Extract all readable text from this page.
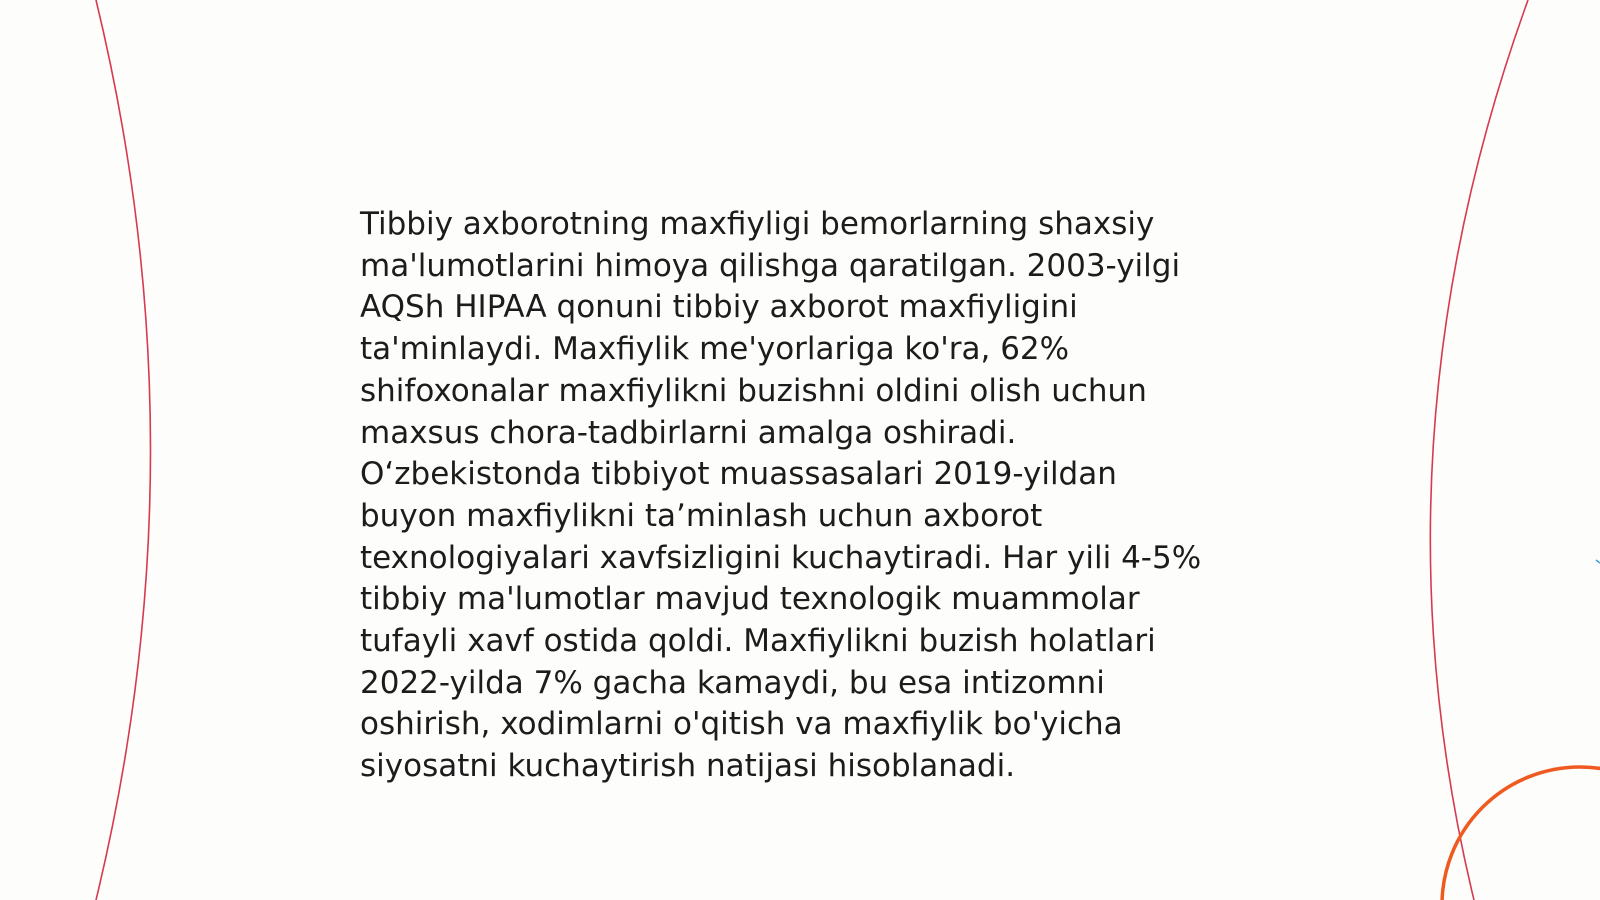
Tibbiy axborotning maxfiyligi bemorlarning shaxsiy
ma'lumotlarini himoya qilishga qaratilgan. 2003-yilgi
AQSh HIPAA qonuni tibbiy axborot maxfiyligini
ta'minlaydi. Maxfiylik me'yorlariga ko'ra, 62%
shifoxonalar maxfiylikni buzishni oldini olish uchun
maxsus chora-tadbirlarni amalga oshiradi.
O‘zbekistonda tibbiyot muassasalari 2019-yildan
buyon maxfiylikni ta’minlash uchun axborot
texnologiyalari xavfsizligini kuchaytiradi. Har yili 4-5%
tibbiy ma'lumotlar mavjud texnologik muammolar
tufayli xavf ostida qoldi. Maxfiylikni buzish holatlari
2022-yilda 7% gacha kamaydi, bu esa intizomni
oshirish, xodimlarni o'qitish va maxfiylik bo'yicha
siyosatni kuchaytirish natijasi hisoblanadi.
